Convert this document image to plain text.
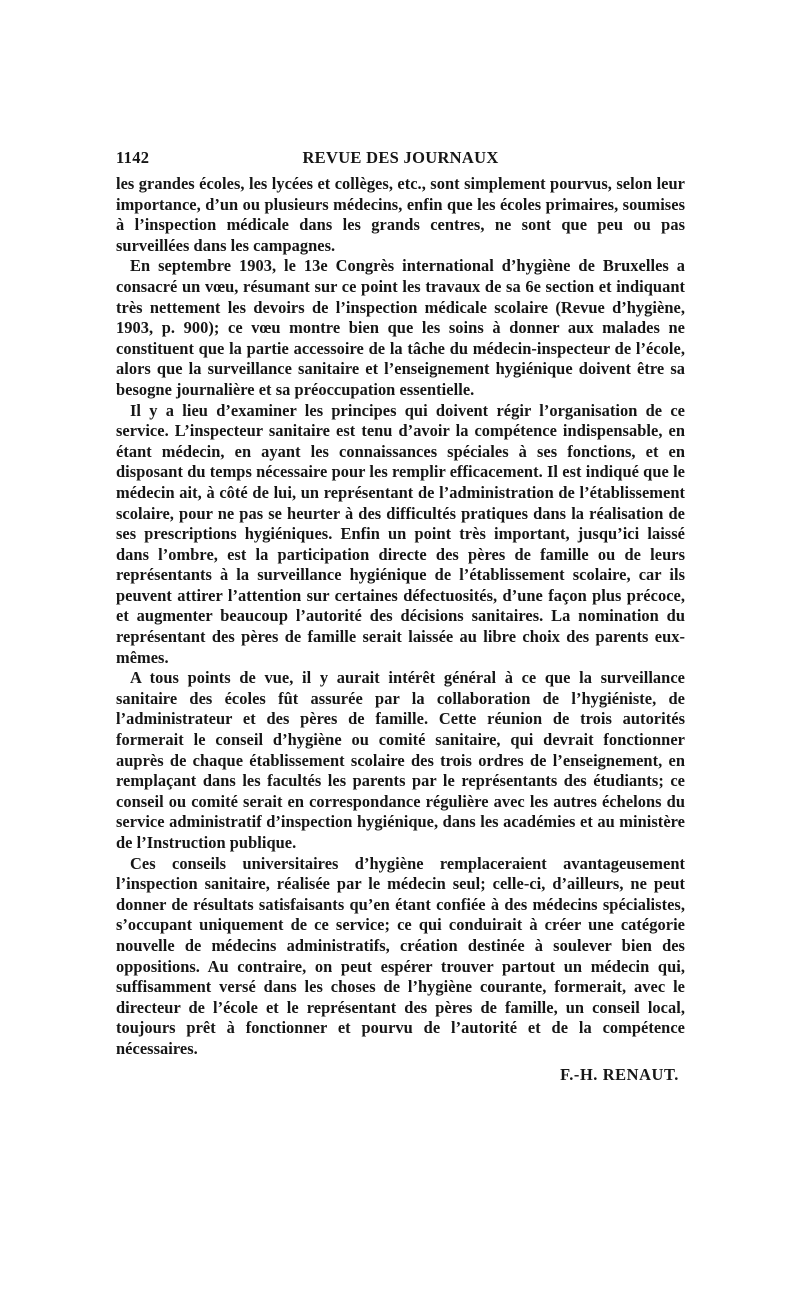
1142	REVUE DES JOURNAUX

les grandes écoles, les lycées et collèges, etc., sont simplement pourvus, selon leur importance, d’un ou plusieurs médecins, enfin que les écoles primaires, soumises à l’inspection médicale dans les grands centres, ne sont que peu ou pas surveillées dans les campagnes.

En septembre 1903, le 13e Congrès international d’hygiène de Bruxelles a consacré un vœu, résumant sur ce point les travaux de sa 6e section et indiquant très nettement les devoirs de l’inspection médicale scolaire (Revue d’hygiène, 1903, p. 900); ce vœu montre bien que les soins à donner aux malades ne constituent que la partie accessoire de la tâche du médecin-inspecteur de l’école, alors que la surveillance sanitaire et l’enseignement hygiénique doivent être sa besogne journalière et sa préoccupation essentielle.

Il y a lieu d’examiner les principes qui doivent régir l’organisation de ce service. L’inspecteur sanitaire est tenu d’avoir la compétence indispensable, en étant médecin, en ayant les connaissances spéciales à ses fonctions, et en disposant du temps nécessaire pour les remplir efficacement. Il est indiqué que le médecin ait, à côté de lui, un représentant de l’administration de l’établissement scolaire, pour ne pas se heurter à des difficultés pratiques dans la réalisation de ses prescriptions hygiéniques. Enfin un point très important, jusqu’ici laissé dans l’ombre, est la participation directe des pères de famille ou de leurs représentants à la surveillance hygiénique de l’établissement scolaire, car ils peuvent attirer l’attention sur certaines défectuosités, d’une façon plus précoce, et augmenter beaucoup l’autorité des décisions sanitaires. La nomination du représentant des pères de famille serait laissée au libre choix des parents eux-mêmes.

A tous points de vue, il y aurait intérêt général à ce que la surveillance sanitaire des écoles fût assurée par la collaboration de l’hygiéniste, de l’administrateur et des pères de famille. Cette réunion de trois autorités formerait le conseil d’hygiène ou comité sanitaire, qui devrait fonctionner auprès de chaque établissement scolaire des trois ordres de l’enseignement, en remplaçant dans les facultés les parents par le représentants des étudiants; ce conseil ou comité serait en correspondance régulière avec les autres échelons du service administratif d’inspection hygiénique, dans les académies et au ministère de l’Instruction publique.

Ces conseils universitaires d’hygiène remplaceraient avantageusement l’inspection sanitaire, réalisée par le médecin seul; celle-ci, d’ailleurs, ne peut donner de résultats satisfaisants qu’en étant confiée à des médecins spécialistes, s’occupant uniquement de ce service; ce qui conduirait à créer une catégorie nouvelle de médecins administratifs, création destinée à soulever bien des oppositions. Au contraire, on peut espérer trouver partout un médecin qui, suffisamment versé dans les choses de l’hygiène courante, formerait, avec le directeur de l’école et le représentant des pères de famille, un conseil local, toujours prêt à fonctionner et pourvu de l’autorité et de la compétence nécessaires.

F.-H. RENAUT.
